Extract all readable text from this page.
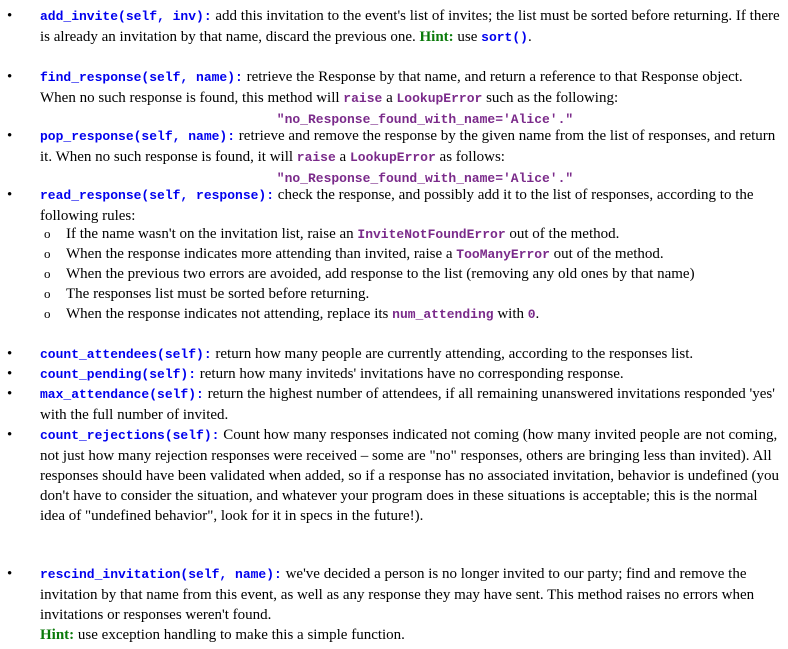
• add_invite(self, inv): add this invitation to the event's list of invites; the list must be sorted before returning. If there is already an invitation by that name, discard the previous one. Hint: use sort().
• find_response(self, name): retrieve the Response by that name, and return a reference to that Response object. When no such response is found, this method will raise a LookupError such as the following:
"no_Response_found_with_name='Alice'."
• pop_response(self, name): retrieve and remove the response by the given name from the list of responses, and return it. When no such response is found, it will raise a LookupError as follows:
"no_Response_found_with_name='Alice'."
• read_response(self, response): check the response, and possibly add it to the list of responses, according to the following rules:
o If the name wasn't on the invitation list, raise an InviteNotFoundError out of the method.
o When the response indicates more attending than invited, raise a TooManyError out of the method.
o When the previous two errors are avoided, add response to the list (removing any old ones by that name)
o The responses list must be sorted before returning.
o When the response indicates not attending, replace its num_attending with 0.
• count_attendees(self): return how many people are currently attending, according to the responses list.
• count_pending(self): return how many inviteds' invitations have no corresponding response.
• max_attendance(self): return the highest number of attendees, if all remaining unanswered invitations responded 'yes' with the full number of invited.
• count_rejections(self): Count how many responses indicated not coming (how many invited people are not coming, not just how many rejection responses were received – some are "no" responses, others are bringing less than invited). All responses should have been validated when added, so if a response has no associated invitation, behavior is undefined (you don't have to consider the situation, and whatever your program does in these situations is acceptable; this is the normal idea of "undefined behavior", look for it in specs in the future!).
• rescind_invitation(self, name): we've decided a person is no longer invited to our party; find and remove the invitation by that name from this event, as well as any response they may have sent. This method raises no errors when invitations or responses weren't found.
Hint: use exception handling to make this a simple function.
